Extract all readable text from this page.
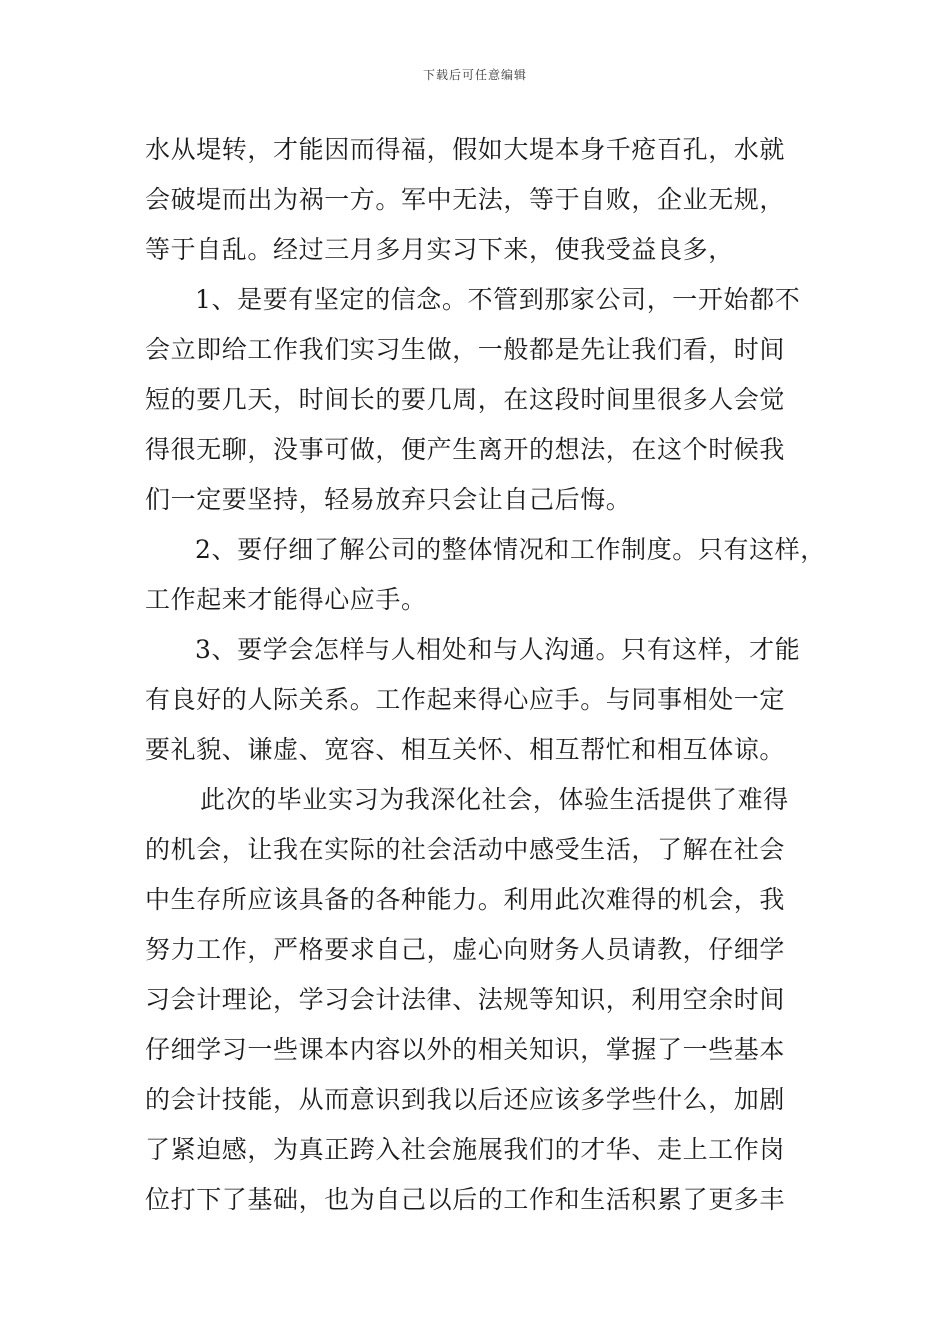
下载后可任意编辑
水从堤转，才能因而得福，假如大堤本身千疮百孔，水就
会破堤而出为祸一方。军中无法，等于自败，企业无规，
等于自乱。经过三月多月实习下来，使我受益良多，
1、是要有坚定的信念。不管到那家公司，一开始都不
会立即给工作我们实习生做，一般都是先让我们看，时间
短的要几天，时间长的要几周，在这段时间里很多人会觉
得很无聊，没事可做，便产生离开的想法，在这个时候我
们一定要坚持，轻易放弃只会让自己后悔。
2、要仔细了解公司的整体情况和工作制度。只有这样，
工作起来才能得心应手。
3、要学会怎样与人相处和与人沟通。只有这样，才能
有良好的人际关系。工作起来得心应手。与同事相处一定
要礼貌、谦虚、宽容、相互关怀、相互帮忙和相互体谅。
此次的毕业实习为我深化社会，体验生活提供了难得
的机会，让我在实际的社会活动中感受生活，了解在社会
中生存所应该具备的各种能力。利用此次难得的机会，我
努力工作，严格要求自己，虚心向财务人员请教，仔细学
习会计理论，学习会计法律、法规等知识，利用空余时间
仔细学习一些课本内容以外的相关知识，掌握了一些基本
的会计技能，从而意识到我以后还应该多学些什么，加剧
了紧迫感，为真正跨入社会施展我们的才华、走上工作岗
位打下了基础，也为自己以后的工作和生活积累了更多丰
